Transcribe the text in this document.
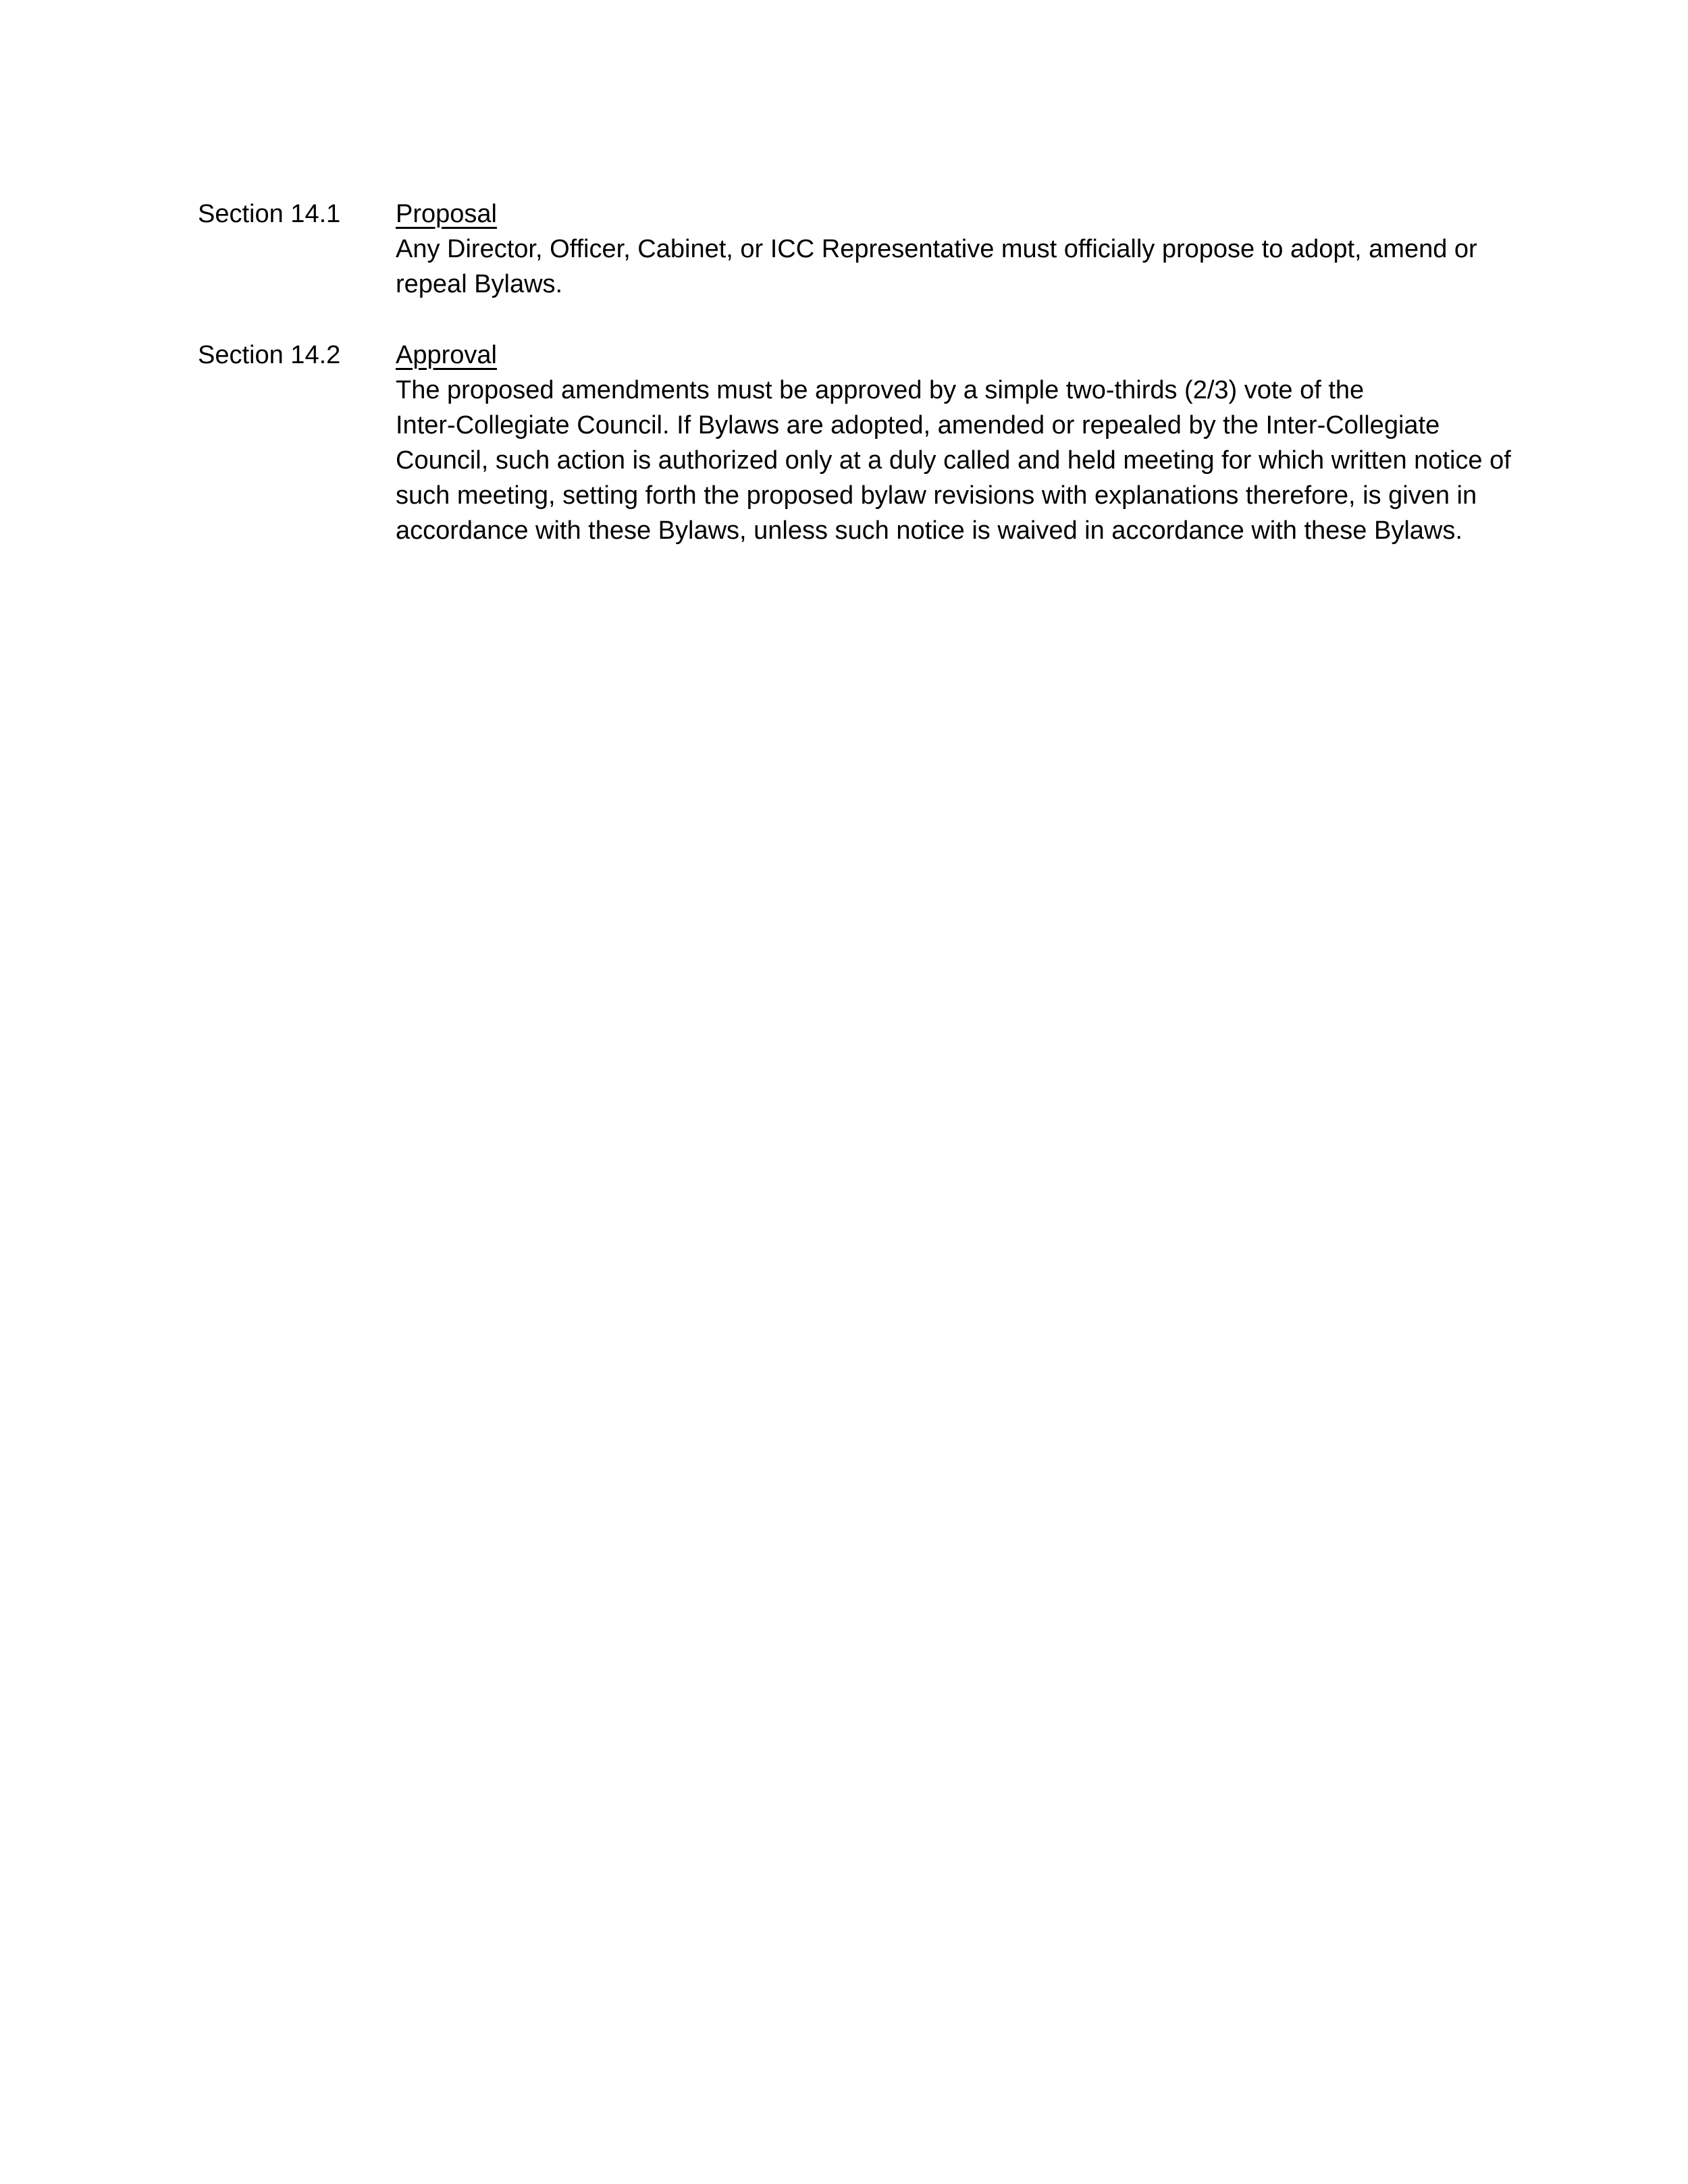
Section 14.1	Proposal
Any Director, Officer, Cabinet, or ICC Representative must officially propose to adopt, amend or
repeal Bylaws.
Section 14.2	Approval
The proposed amendments must be approved by a simple two-thirds (2/3) vote of the
Inter-Collegiate Council. If Bylaws are adopted, amended or repealed by the Inter-Collegiate
Council, such action is authorized only at a duly called and held meeting for which written notice of
such meeting, setting forth the proposed bylaw revisions with explanations therefore, is given in
accordance with these Bylaws, unless such notice is waived in accordance with these Bylaws.
